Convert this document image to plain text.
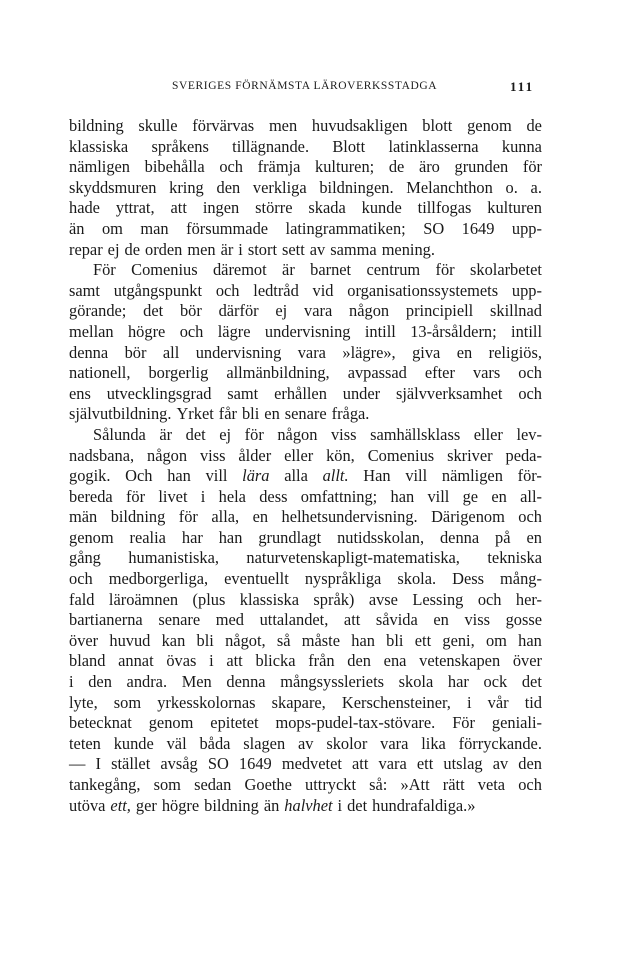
SVERIGES FÖRNÄMSTA LÄROVERKSSTADGA	111
bildning skulle förvärvas men huvudsakligen blott genom de
klassiska språkens tillägnande. Blott latinklasserna kunna
nämligen bibehålla och främja kulturen; de äro grunden för
skyddsmuren kring den verkliga bildningen. Melanchthon o. a.
hade yttrat, att ingen större skada kunde tillfogas kulturen
än om man försummade latingrammatiken; SO 1649 upp-
repar ej de orden men är i stort sett av samma mening.
För Comenius däremot är barnet centrum för skolarbetet
samt utgångspunkt och ledtråd vid organisationssystemets upp-
görande; det bör därför ej vara någon principiell skillnad
mellan högre och lägre undervisning intill 13-årsåldern; intill
denna bör all undervisning vara »lägre», giva en religiös,
nationell, borgerlig allmänbildning, avpassad efter vars och
ens utvecklingsgrad samt erhållen under självverksamhet och
självutbildning. Yrket får bli en senare fråga.
Sålunda är det ej för någon viss samhällsklass eller lev-
nadsbana, någon viss ålder eller kön, Comenius skriver peda-
gogik. Och han vill lära alla allt. Han vill nämligen för-
bereda för livet i hela dess omfattning; han vill ge en all-
män bildning för alla, en helhetsundervisning. Därigenom och
genom realia har han grundlagt nutidsskolan, denna på en
gång humanistiska, naturvetenskapligt-matematiska, tekniska
och medborgerliga, eventuellt nyspråkliga skola. Dess mång-
fald läroämnen (plus klassiska språk) avse Lessing och her-
bartianerna senare med uttalandet, att såvida en viss gosse
över huvud kan bli något, så måste han bli ett geni, om han
bland annat övas i att blicka från den ena vetenskapen över
i den andra. Men denna mångsyssleriets skola har ock det
lyte, som yrkesskolornas skapare, Kerschensteiner, i vår tid
betecknat genom epitetet mops-pudel-tax-stövare. För geniali-
teten kunde väl båda slagen av skolor vara lika förryckande.
— I stället avsåg SO 1649 medvetet att vara ett utslag av den
tankegång, som sedan Goethe uttryckt så: »Att rätt veta och
utöva ett, ger högre bildning än halvhet i det hundrafaldiga.»
